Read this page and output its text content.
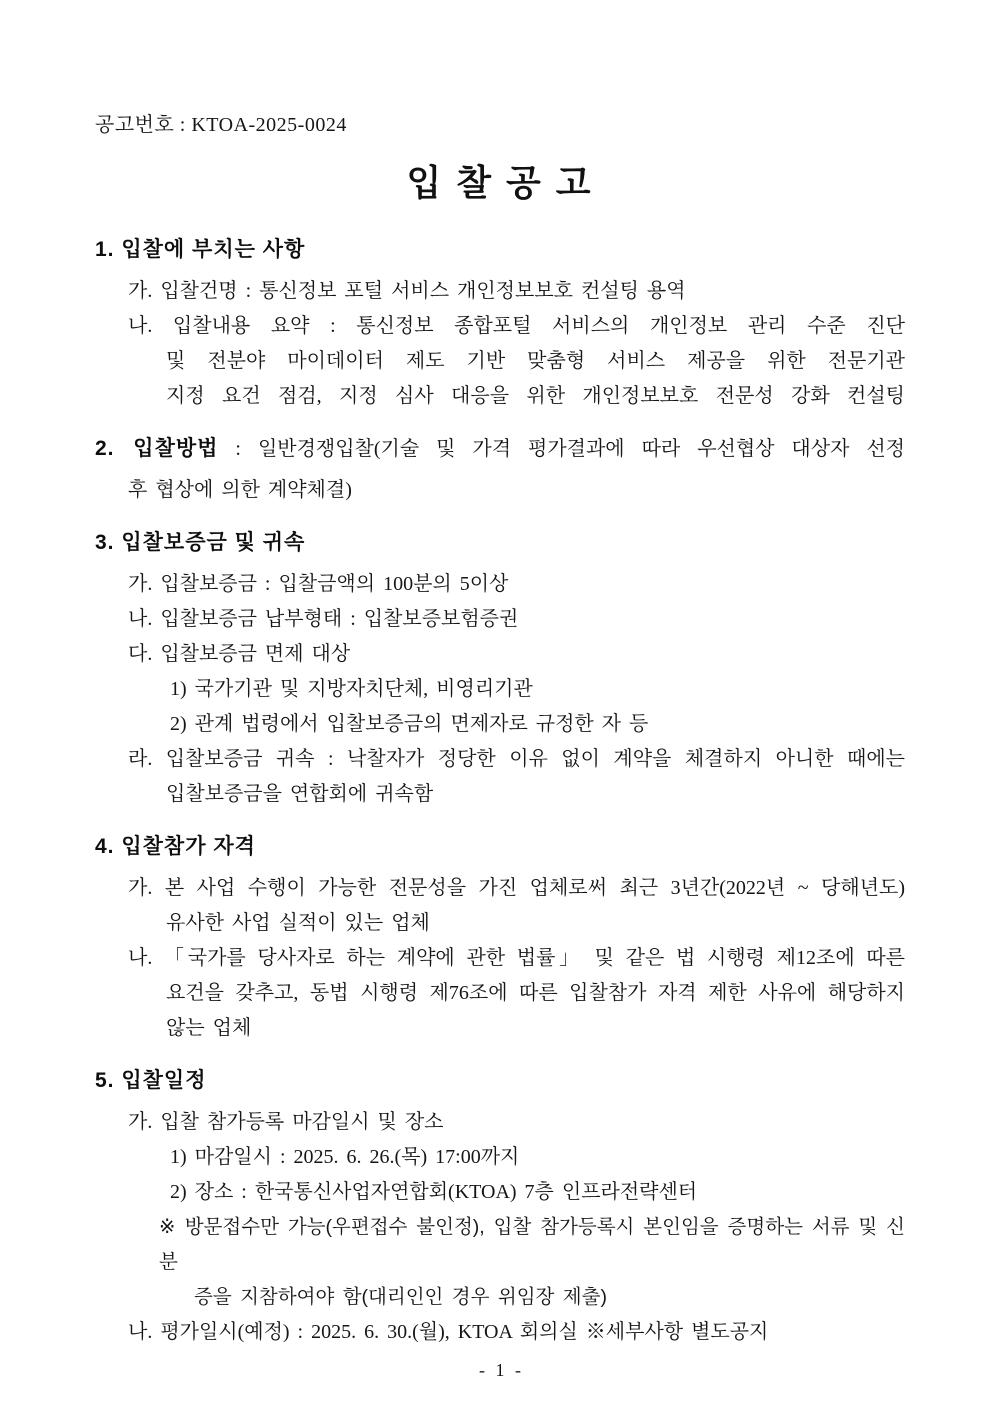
공고번호 : KTOA-2025-0024
입 찰 공 고
1. 입찰에 부치는 사항
가. 입찰건명 : 통신정보 포털 서비스 개인정보보호 컨설팅 용역
나. 입찰내용 요약 : 통신정보 종합포털 서비스의 개인정보 관리 수준 진단
및 전분야 마이데이터 제도 기반 맞춤형 서비스 제공을 위한 전문기관
지정 요건 점검, 지정 심사 대응을 위한 개인정보보호 전문성 강화 컨설팅
2. 입찰방법 : 일반경쟁입찰(기술 및 가격 평가결과에 따라 우선협상 대상자 선정
후 협상에 의한 계약체결)
3. 입찰보증금 및 귀속
가. 입찰보증금 : 입찰금액의 100분의 5이상
나. 입찰보증금 납부형태 : 입찰보증보험증권
다. 입찰보증금 면제 대상
1) 국가기관 및 지방자치단체, 비영리기관
2) 관계 법령에서 입찰보증금의 면제자로 규정한 자 등
라. 입찰보증금 귀속 : 낙찰자가 정당한 이유 없이 계약을 체결하지 아니한 때에는
입찰보증금을 연합회에 귀속함
4. 입찰참가 자격
가. 본 사업 수행이 가능한 전문성을 가진 업체로써 최근 3년간(2022년 ~ 당해년도)
유사한 사업 실적이 있는 업체
나. 「국가를 당사자로 하는 계약에 관한 법률」 및 같은 법 시행령 제12조에 따른
요건을 갖추고, 동법 시행령 제76조에 따른 입찰참가 자격 제한 사유에 해당하지
않는 업체
5. 입찰일정
가. 입찰 참가등록 마감일시 및 장소
1) 마감일시 : 2025. 6. 26.(목) 17:00까지
2) 장소 : 한국통신사업자연합회(KTOA) 7층 인프라전략센터
※ 방문접수만 가능(우편접수 불인정), 입찰 참가등록시 본인임을 증명하는 서류 및 신분
증을 지참하여야 함(대리인인 경우 위임장 제출)
나. 평가일시(예정) : 2025. 6. 30.(월), KTOA 회의실 ※세부사항 별도공지
- 1 -
